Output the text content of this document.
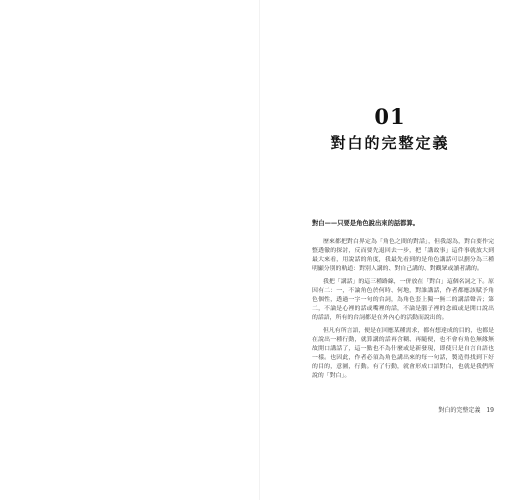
01
對白的完整定義
對白——只要是角色說出來的話都算。

歷來都把對白界定為「角色之間的對話」，但我認為，對白要作完整透徹的探討，反而要先退回去一步，把「講故事」這件事就放大到最大來看，用說話的角度，我最先看到的是角色講話可以劃分為三種明顯分別的軌道：對別人講的、對自己講的、對觀眾或讀者講的。

我把「講話」的這三種路線，一併放在「對白」這個名詞之下。原因有二：一，不論角色於何時、何地，對誰講話，作者都應該賦予角色個性，透過一字一句的台詞，為角色套上獨一無二的講話聲音；第二，不論是心裡的話或嘴裡的話，不論是腦子裡的念頭或是開口說出的話語，所有的台詞都是在外內心的活動而說出的。

但凡有所言語，便是在回應某種需求，都有想達成的目的，也都是在說出一種行動，就算講的話再含糊、再隨便，也不會有角色無緣無故開口講話了，這一點也不為什麼或是新發現，即使只是自言自語也一樣。也因此，作者必須為角色講出來的每一句話，製造得找到下好的目的，意圖，行動。有了行動，就會形成口語對白，也就是我們所說的「對白」。

對白的完整定義 19
